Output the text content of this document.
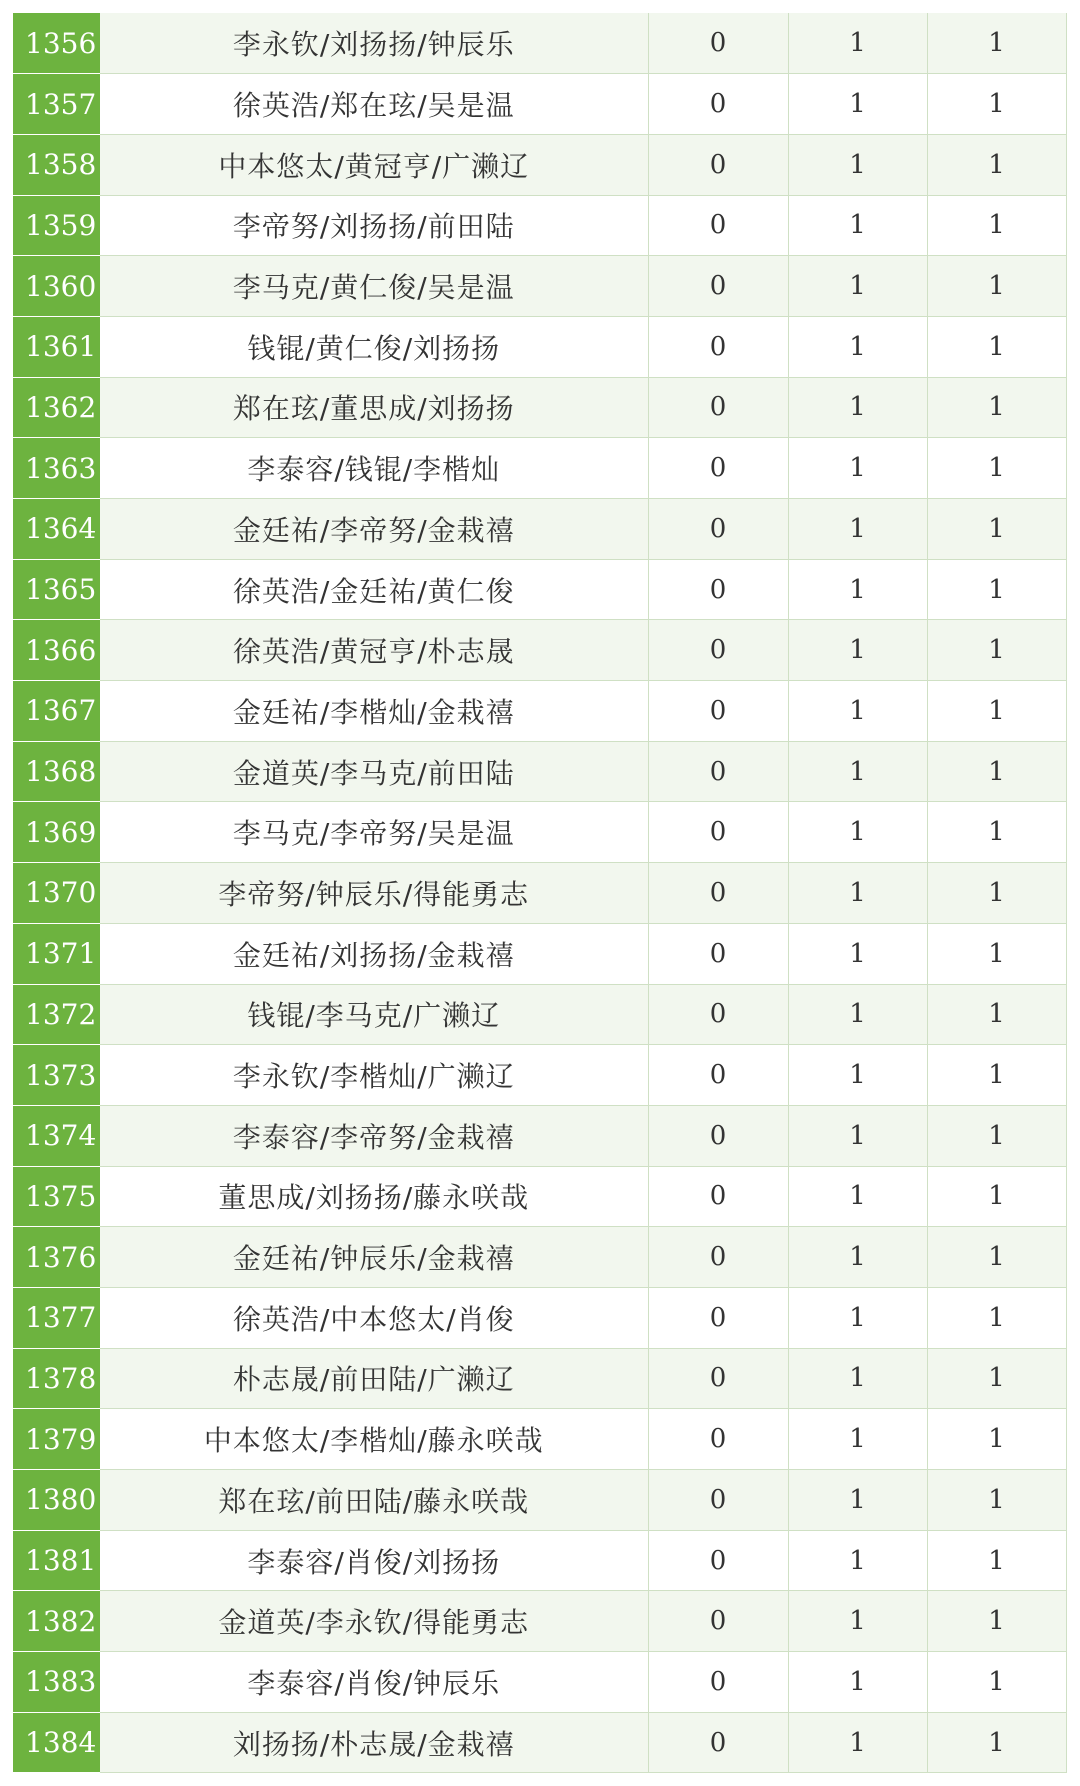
1356	李永钦/刘扬扬/钟辰乐	0	1	1
1357	徐英浩/郑在玹/吴是温	0	1	1
1358	中本悠太/黄冠亨/广濑辽	0	1	1
1359	李帝努/刘扬扬/前田陆	0	1	1
1360	李马克/黄仁俊/吴是温	0	1	1
1361	钱锟/黄仁俊/刘扬扬	0	1	1
1362	郑在玹/董思成/刘扬扬	0	1	1
1363	李泰容/钱锟/李楷灿	0	1	1
1364	金廷祐/李帝努/金栽禧	0	1	1
1365	徐英浩/金廷祐/黄仁俊	0	1	1
1366	徐英浩/黄冠亨/朴志晟	0	1	1
1367	金廷祐/李楷灿/金栽禧	0	1	1
1368	金道英/李马克/前田陆	0	1	1
1369	李马克/李帝努/吴是温	0	1	1
1370	李帝努/钟辰乐/得能勇志	0	1	1
1371	金廷祐/刘扬扬/金栽禧	0	1	1
1372	钱锟/李马克/广濑辽	0	1	1
1373	李永钦/李楷灿/广濑辽	0	1	1
1374	李泰容/李帝努/金栽禧	0	1	1
1375	董思成/刘扬扬/藤永咲哉	0	1	1
1376	金廷祐/钟辰乐/金栽禧	0	1	1
1377	徐英浩/中本悠太/肖俊	0	1	1
1378	朴志晟/前田陆/广濑辽	0	1	1
1379	中本悠太/李楷灿/藤永咲哉	0	1	1
1380	郑在玹/前田陆/藤永咲哉	0	1	1
1381	李泰容/肖俊/刘扬扬	0	1	1
1382	金道英/李永钦/得能勇志	0	1	1
1383	李泰容/肖俊/钟辰乐	0	1	1
1384	刘扬扬/朴志晟/金栽禧	0	1	1
